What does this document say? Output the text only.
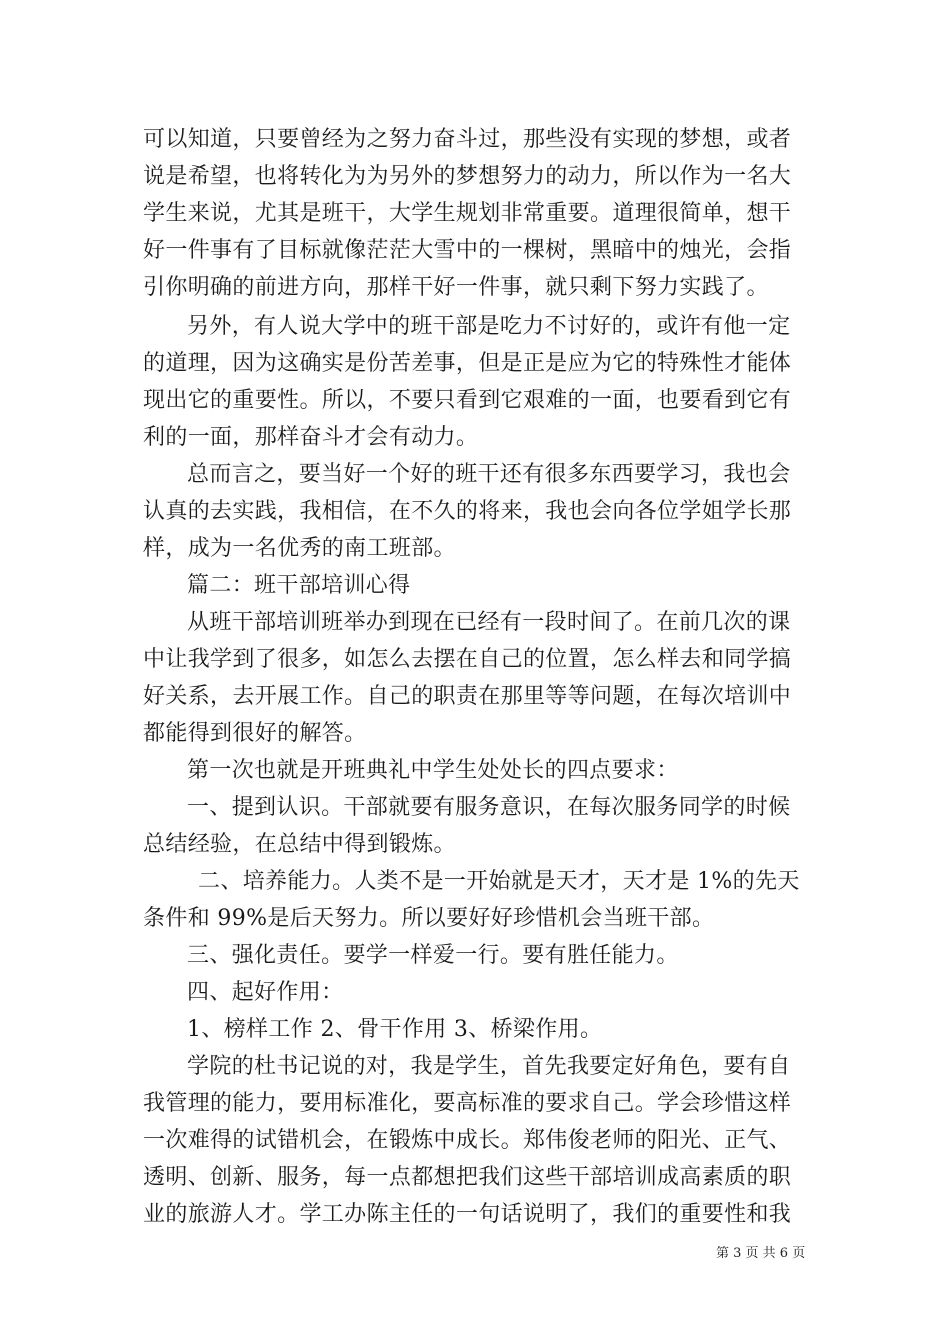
可以知道，只要曾经为之努力奋斗过，那些没有实现的梦想，或者
说是希望，也将转化为为另外的梦想努力的动力，所以作为一名大
学生来说，尤其是班干，大学生规划非常重要。道理很简单，想干
好一件事有了目标就像茫茫大雪中的一棵树，黑暗中的烛光，会指
引你明确的前进方向，那样干好一件事，就只剩下努力实践了。
另外，有人说大学中的班干部是吃力不讨好的，或许有他一定
的道理，因为这确实是份苦差事，但是正是应为它的特殊性才能体
现出它的重要性。所以，不要只看到它艰难的一面，也要看到它有
利的一面，那样奋斗才会有动力。
总而言之，要当好一个好的班干还有很多东西要学习，我也会
认真的去实践，我相信，在不久的将来，我也会向各位学姐学长那
样，成为一名优秀的南工班部。
篇二：班干部培训心得
从班干部培训班举办到现在已经有一段时间了。在前几次的课
中让我学到了很多，如怎么去摆在自己的位置，怎么样去和同学搞
好关系，去开展工作。自己的职责在那里等等问题，在每次培训中
都能得到很好的解答。
第一次也就是开班典礼中学生处处长的四点要求：
一、提到认识。干部就要有服务意识，在每次服务同学的时候
总结经验，在总结中得到锻炼。
二、培养能力。人类不是一开始就是天才，天才是 1%的先天
条件和 99%是后天努力。所以要好好珍惜机会当班干部。
三、强化责任。要学一样爱一行。要有胜任能力。
四、起好作用：
1、榜样工作 2、骨干作用 3、桥梁作用。
学院的杜书记说的对，我是学生，首先我要定好角色，要有自
我管理的能力，要用标准化，要高标准的要求自己。学会珍惜这样
一次难得的试错机会，在锻炼中成长。郑伟俊老师的阳光、正气、
透明、创新、服务，每一点都想把我们这些干部培训成高素质的职
业的旅游人才。学工办陈主任的一句话说明了，我们的重要性和我
第 3 页 共 6 页
